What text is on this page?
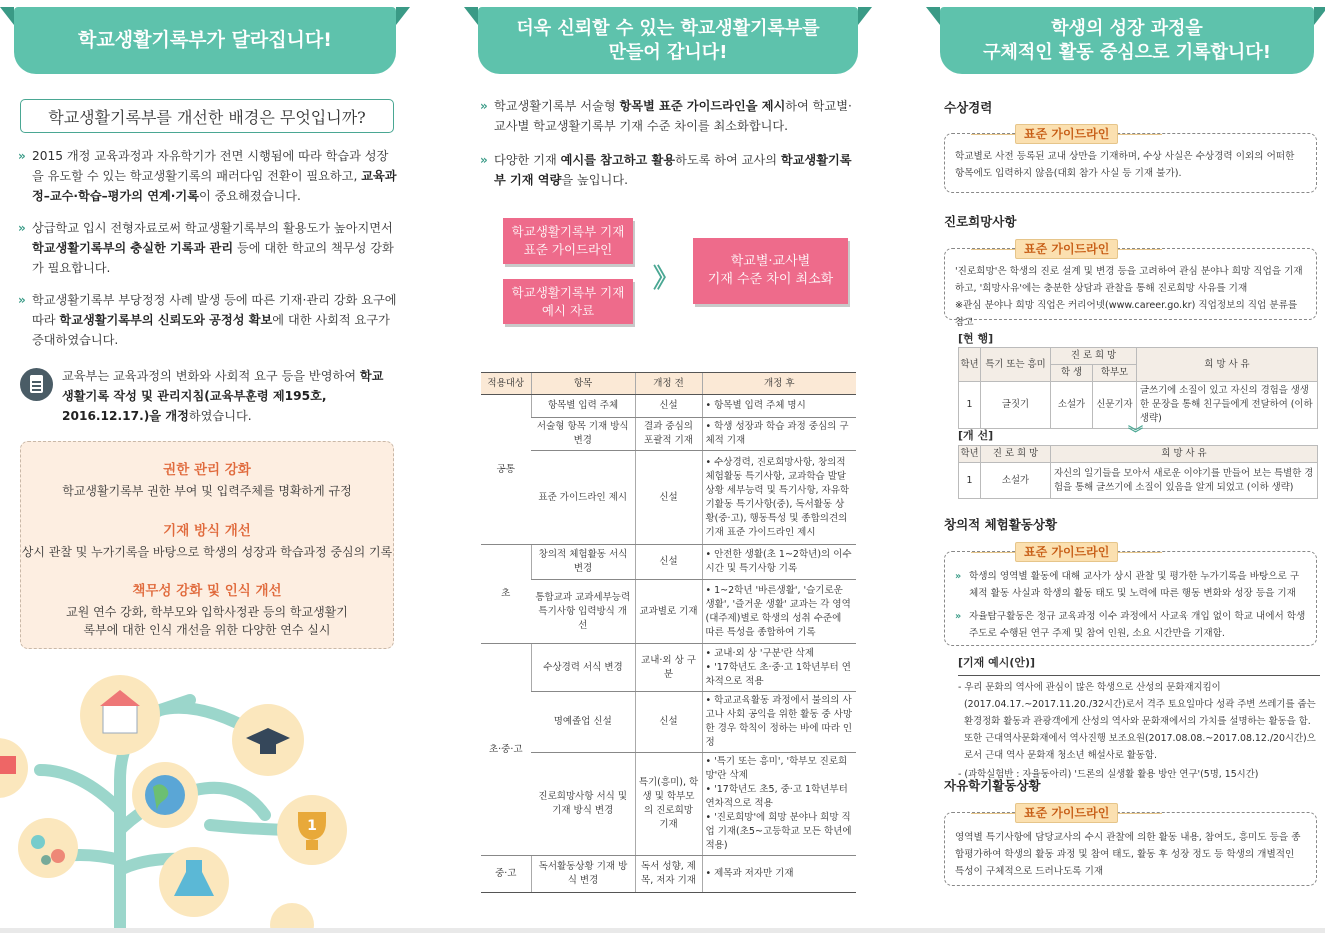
학교생활기록부가 달라집니다!
학교생활기록부를 개선한 배경은 무엇입니까?
» 2015 개정 교육과정과 자유학기가 전면 시행됨에 따라 학습과 성장을 유도할 수 있는 학교생활기록의 패러다임 전환이 필요하고, 교육과정–교수·학습–평가의 연계·기록이 중요해졌습니다.
» 상급학교 입시 전형자료로써 학교생활기록부의 활용도가 높아지면서 학교생활기록부의 충실한 기록과 관리 등에 대한 학교의 책무성 강화가 필요합니다.
» 학교생활기록부 부당정정 사례 발생 등에 따른 기재·관리 강화 요구에 따라 학교생활기록부의 신뢰도와 공정성 확보에 대한 사회적 요구가 증대하였습니다.
교육부는 교육과정의 변화와 사회적 요구 등을 반영하여 학교생활기록 작성 및 관리지침(교육부훈령 제195호, 2016.12.17.)을 개정하였습니다.
권한 관리 강화
학교생활기록부 권한 부여 및 입력주체를 명확하게 규정
기재 방식 개선
상시 관찰 및 누가기록을 바탕으로 학생의 성장과 학습과정 중심의 기록
책무성 강화 및 인식 개선
교원 연수 강화, 학부모와 입학사정관 등의 학교생활기록부에 대한 인식 개선을 위한 다양한 연수 실시
1
더욱 신뢰할 수 있는 학교생활기록부를
만들어 갑니다!
» 학교생활기록부 서술형 항목별 표준 가이드라인을 제시하여 학교별·교사별 학교생활기록부 기재 수준 차이를 최소화합니다.
» 다양한 기재 예시를 참고하고 활용하도록 하여 교사의 학교생활기록부 기재 역량을 높입니다.
학교생활기록부 기재
표준 가이드라인
학교생활기록부 기재
예시 자료
》
학교별·교사별
기재 수준 차이 최소화
적용대상	항목	개정 전	개정 후
공통	항목별 입력 주체	신설	• 항목별 입력 주체 명시
	서술형 항목 기재 방식 변경	결과 중심의 포괄적 기재	• 학생 성장과 학습 과정 중심의 구체적 기재
	표준 가이드라인 제시	신설	• 수상경력, 진로희망사항, 창의적 체험활동 특기사항, 교과학습 발달상황 세부능력 및 특기사항, 자유학기활동 특기사항(중), 독서활동 상황(중·고), 행동특성 및 종합의견의 기재 표준 가이드라인 제시
초	창의적 체험활동 서식 변경	신설	• 안전한 생활(초 1~2학년)의 이수 시간 및 특기사항 기록
	통합교과 교과세부능력 특기사항 입력방식 개선	교과별로 기재	• 1~2학년 '바른생활', '슬기로운 생활', '즐거운 생활' 교과는 각 영역(대주제)별로 학생의 성취 수준에 따른 특성을 종합하여 기록
초·중·고	수상경력 서식 변경	교내·외 상 구분	• 교내·외 상 '구분'란 삭제
• '17학년도 초·중·고 1학년부터 연차적으로 적용

	명예졸업 신설	신설	• 학교교육활동 과정에서 불의의 사고나 사회 공익을 위한 활동 중 사망한 경우 학칙이 정하는 바에 따라 인정
	진로희망사항 서식 및 기재 방식 변경	특기(흥미), 학생 및 학부모의 진로희망 기재	• '특기 또는 흥미', '학부모 진로희망'란 삭제
• '17학년도 초5, 중·고 1학년부터 연차적으로 적용
• '진로희망'에 희망 분야나 희망 직업 기재(초5~고등학교 모든 학년에 적용)

중·고	독서활동상황 기재 방식 변경	독서 성향, 제목, 저자 기재	• 제목과 저자만 기재
학생의 성장 과정을
구체적인 활동 중심으로 기록합니다!
수상경력
표준 가이드라인
학교별로 사전 등록된 교내 상만을 기재하며, 수상 사실은 수상경력 이외의 어떠한 항목에도 입력하지 않음(대회 참가 사실 등 기재 불가).
진로희망사항
표준 가이드라인
'진로희망'은 학생의 진로 설계 및 변경 등을 고려하여 관심 분야나 희망 직업을 기재하고, '희망사유'에는 충분한 상담과 관찰을 통해 진로희망 사유를 기재
※관심 분야나 희망 직업은 커리어넷(www.career.go.kr) 직업정보의 직업 분류를 참고
[현 행]
학년	특기 또는 흥미	진 로 희 망		희 망 사 유
		학 생	학부모	
1	글짓기	소설가	신문기자	글쓰기에 소질이 있고 자신의 경험을 생생한 문장을 통해 친구들에게 전달하여 (이하 생략)
》
[개 선]
학년	진 로 희 망	희 망 사 유
1	소설가	자신의 일기들을 모아서 새로운 이야기를 만들어 보는 특별한 경험을 통해 글쓰기에 소질이 있음을 알게 되었고 (이하 생략)
창의적 체험활동상황
표준 가이드라인
» 학생의 영역별 활동에 대해 교사가 상시 관찰 및 평가한 누가기록을 바탕으로 구체적 활동 사실과 학생의 활동 태도 및 노력에 따른 행동 변화와 성장 등을 기재
» 자율탐구활동은 정규 교육과정 이수 과정에서 사교육 개입 없이 학교 내에서 학생 주도로 수행된 연구 주제 및 참여 인원, 소요 시간만을 기재함.
[기재 예시(안)]

- 우리 문화의 역사에 관심이 많은 학생으로 산성의 문화재지킴이(2017.04.17.~2017.11.20./32시간)로서 격주 토요일마다 성곽 주변 쓰레기를 줍는 환경정화 활동과 관광객에게 산성의 역사와 문화재에서의 가치를 설명하는 활동을 함. 또한 근대역사문화재에서 역사진행 보조요원(2017.08.08.~2017.08.12./20시간)으로서 근대 역사 문화재 청소년 해설사로 활동함.

- (과학실험반 : 자율동아리) '드론의 실생활 활용 방안 연구'(5명, 15시간)

자유학기활동상황
표준 가이드라인
영역별 특기사항에 담당교사의 수시 관찰에 의한 활동 내용, 참여도, 흥미도 등을 종합평가하여 학생의 활동 과정 및 참여 태도, 활동 후 성장 정도 등 학생의 개별적인 특성이 구체적으로 드러나도록 기재
